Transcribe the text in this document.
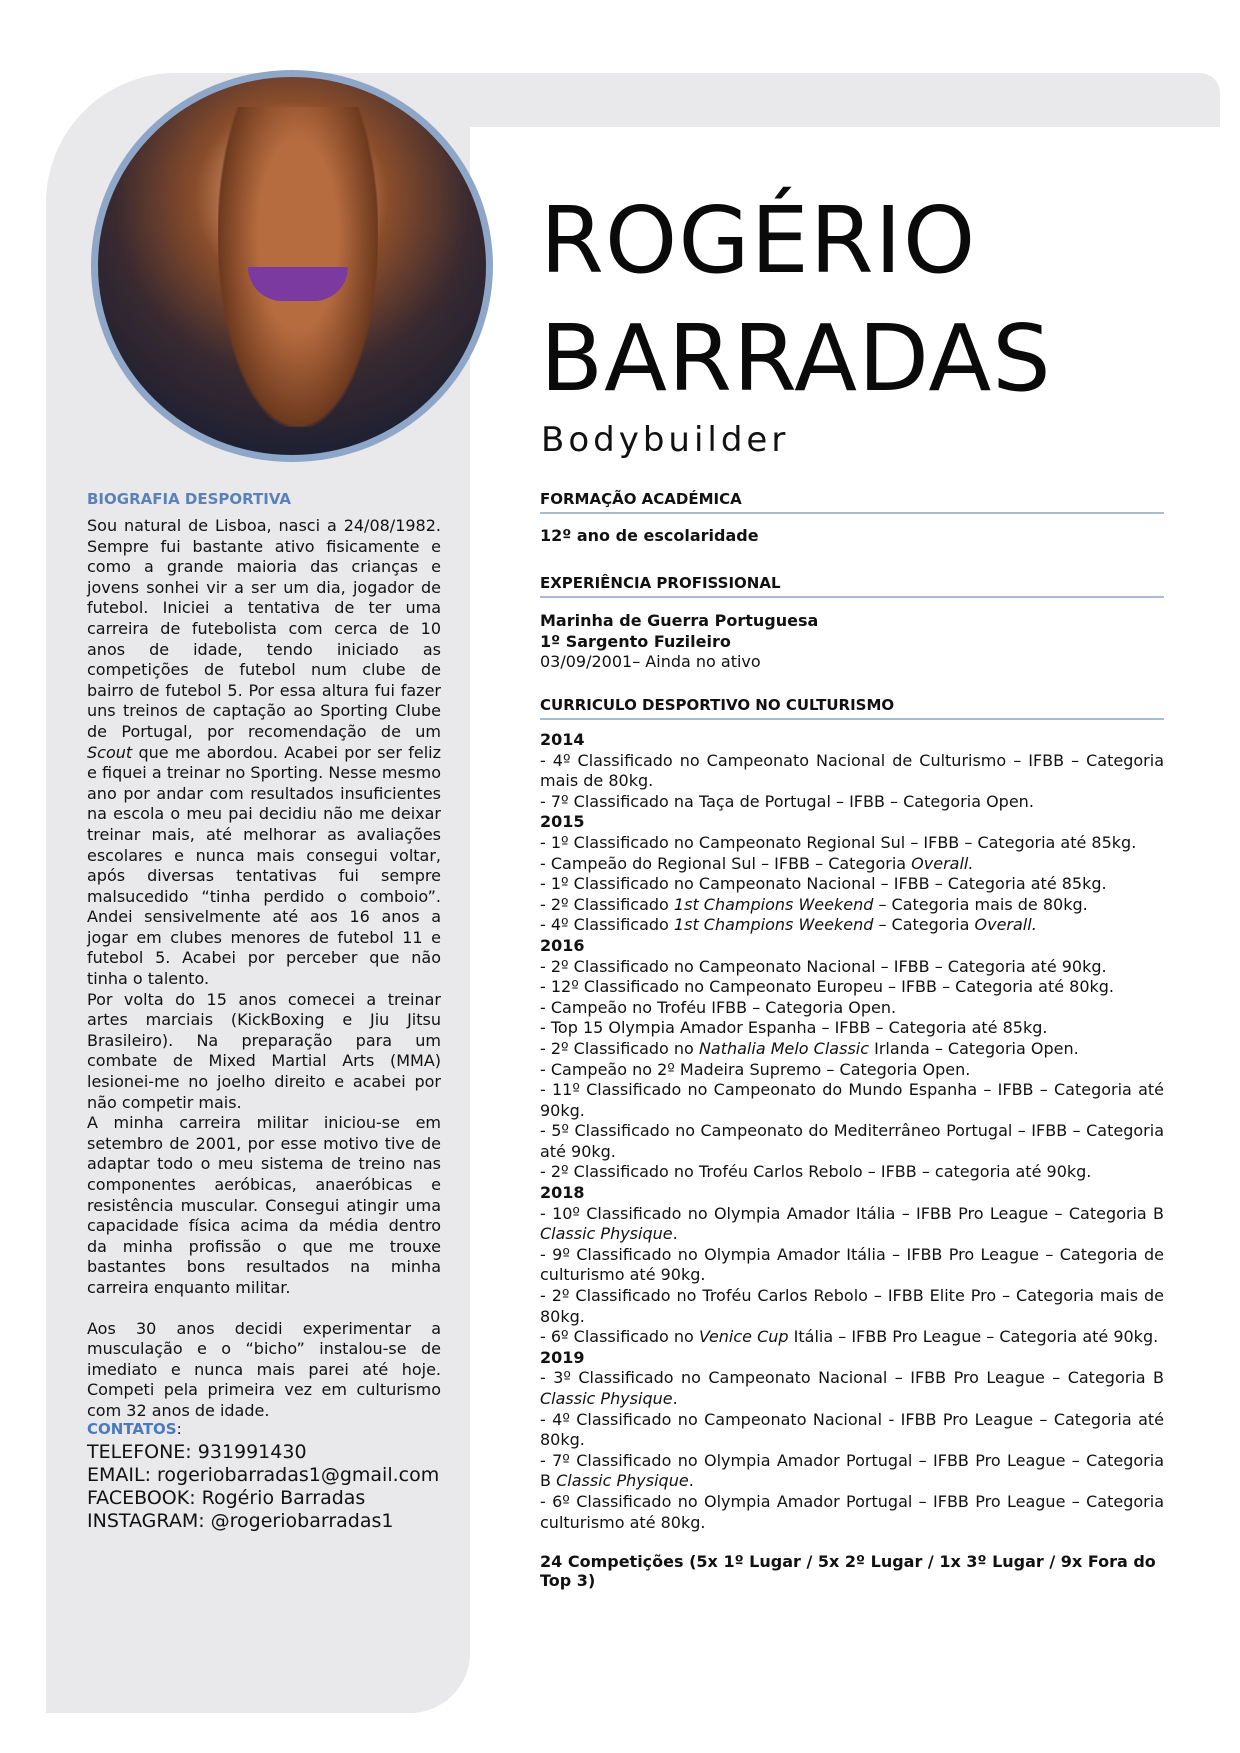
ROGÉRIO
BARRADAS
Bodybuilder
BIOGRAFIA DESPORTIVA
Sou natural de Lisboa, nasci a 24/08/1982. Sempre fui bastante ativo fisicamente e como a grande maioria das crianças e jovens sonhei vir a ser um dia, jogador de futebol. Iniciei a tentativa de ter uma carreira de futebolista com cerca de 10 anos de idade, tendo iniciado as competições de futebol num clube de bairro de futebol 5. Por essa altura fui fazer uns treinos de captação ao Sporting Clube de Portugal, por recomendação de um Scout que me abordou. Acabei por ser feliz e fiquei a treinar no Sporting. Nesse mesmo ano por andar com resultados insuficientes na escola o meu pai decidiu não me deixar treinar mais, até melhorar as avaliações escolares e nunca mais consegui voltar, após diversas tentativas fui sempre malsucedido “tinha perdido o comboio”. Andei sensivelmente até aos 16 anos a jogar em clubes menores de futebol 11 e futebol 5. Acabei por perceber que não tinha o talento.
Por volta do 15 anos comecei a treinar artes marciais (KickBoxing e Jiu Jitsu Brasileiro). Na preparação para um combate de Mixed Martial Arts (MMA) lesionei-me no joelho direito e acabei por não competir mais.
A minha carreira militar iniciou-se em setembro de 2001, por esse motivo tive de adaptar todo o meu sistema de treino nas componentes aeróbicas, anaeróbicas e resistência muscular. Consegui atingir uma capacidade física acima da média dentro da minha profissão o que me trouxe bastantes bons resultados na minha carreira enquanto militar.
Aos 30 anos decidi experimentar a musculação e o “bicho” instalou-se de imediato e nunca mais parei até hoje. Competi pela primeira vez em culturismo com 32 anos de idade.
CONTATOS:
TELEFONE: 931991430
EMAIL: rogeriobarradas1@gmail.com
FACEBOOK: Rogério Barradas
INSTAGRAM: @rogeriobarradas1
FORMAÇÃO ACADÉMICA
12º ano de escolaridade
EXPERIÊNCIA PROFISSIONAL

Marinha de Guerra Portuguesa

1º Sargento Fuzileiro

03/09/2001– Ainda no ativo

CURRICULO DESPORTIVO NO CULTURISMO

2014

- 4º Classificado no Campeonato Nacional de Culturismo – IFBB – Categoria mais de 80kg.

- 7º Classificado na Taça de Portugal – IFBB – Categoria Open.

2015

- 1º Classificado no Campeonato Regional Sul – IFBB – Categoria até 85kg.

- Campeão do Regional Sul – IFBB – Categoria Overall.

- 1º Classificado no Campeonato Nacional – IFBB – Categoria até 85kg.

- 2º Classificado 1st Champions Weekend – Categoria mais de 80kg.

- 4º Classificado 1st Champions Weekend – Categoria Overall.

2016

- 2º Classificado no Campeonato Nacional – IFBB – Categoria até 90kg.

- 12º Classificado no Campeonato Europeu – IFBB – Categoria até 80kg.

- Campeão no Troféu IFBB – Categoria Open.

- Top 15 Olympia Amador Espanha – IFBB – Categoria até 85kg.

- 2º Classificado no Nathalia Melo Classic Irlanda – Categoria Open.

- Campeão no 2º Madeira Supremo – Categoria Open.

- 11º Classificado no Campeonato do Mundo Espanha – IFBB – Categoria até 90kg.

- 5º Classificado no Campeonato do Mediterrâneo Portugal – IFBB – Categoria até 90kg.

- 2º Classificado no Troféu Carlos Rebolo – IFBB – categoria até 90kg.

2018

- 10º Classificado no Olympia Amador Itália – IFBB Pro League – Categoria B Classic Physique.

- 9º Classificado no Olympia Amador Itália – IFBB Pro League – Categoria de culturismo até 90kg.

- 2º Classificado no Troféu Carlos Rebolo – IFBB Elite Pro – Categoria mais de 80kg.

- 6º Classificado no Venice Cup Itália – IFBB Pro League – Categoria até 90kg.

2019

- 3º Classificado no Campeonato Nacional – IFBB Pro League – Categoria B Classic Physique.

- 4º Classificado no Campeonato Nacional - IFBB Pro League – Categoria até 80kg.

- 7º Classificado no Olympia Amador Portugal – IFBB Pro League – Categoria B Classic Physique.

- 6º Classificado no Olympia Amador Portugal – IFBB Pro League – Categoria culturismo até 80kg.

24 Competições (5x 1º Lugar / 5x 2º Lugar / 1x 3º Lugar / 9x Fora do Top 3)
